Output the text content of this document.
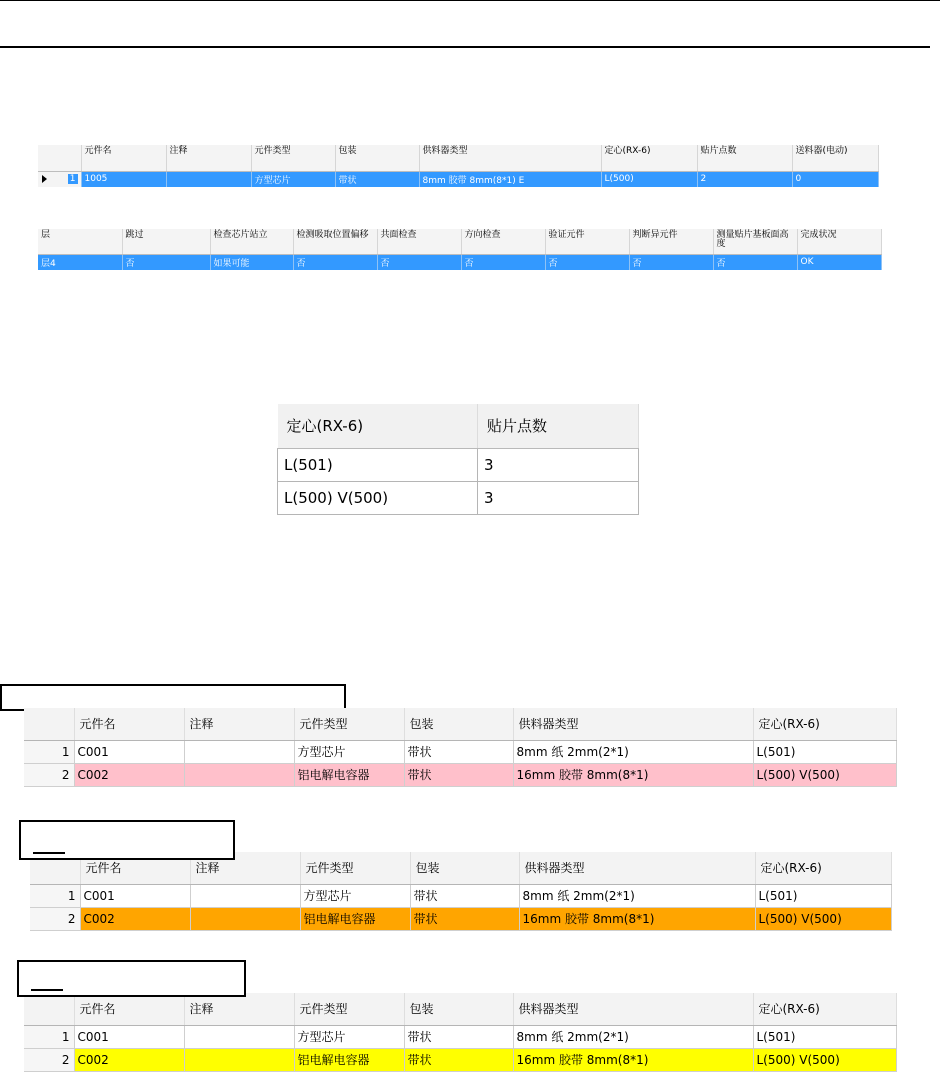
	元件名	注释	元件类型	包装	供料器类型	定心(RX-6)	贴片点数	送料器(电动)

1	1005		方型芯片	带状	8mm 胶带 8mm(8*1) E	L(500)	2	0
层	跳过	检查芯片站立	检测吸取位置偏移	共面检查	方向检查	验证元件	判断异元件	测量贴片基板面高度	完成状况
层4	否	如果可能	否	否	否	否	否	否	OK
定心(RX-6)	贴片点数
L(501)	3
L(500) V(500)	3
	元件名	注释	元件类型	包装	供料器类型	定心(RX-6)
1	C001		方型芯片	带状	8mm 纸 2mm(2*1)	L(501)
2	C002		铝电解电容器	带状	16mm 胶带 8mm(8*1)	L(500) V(500)
	元件名	注释	元件类型	包装	供料器类型	定心(RX-6)
1	C001		方型芯片	带状	8mm 纸 2mm(2*1)	L(501)
2	C002		铝电解电容器	带状	16mm 胶带 8mm(8*1)	L(500) V(500)
	元件名	注释	元件类型	包装	供料器类型	定心(RX-6)
1	C001		方型芯片	带状	8mm 纸 2mm(2*1)	L(501)
2	C002		铝电解电容器	带状	16mm 胶带 8mm(8*1)	L(500) V(500)
